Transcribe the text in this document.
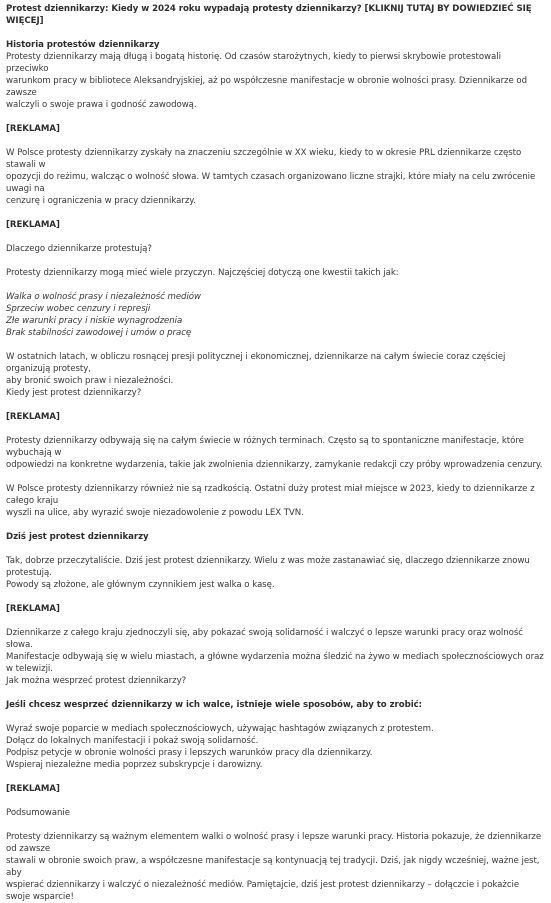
Protest dziennikarzy: Kiedy w 2024 roku wypadają protesty dziennikarzy? [KLIKNIJ TUTAJ BY DOWIEDZIEĆ SIĘ WIĘCEJ]

Historia protestów dziennikarzy

Protesty dziennikarzy mają długą i bogatą historię. Od czasów starożytnych, kiedy to pierwsi skrybowie protestowali przeciwko

warunkom pracy w bibliotece Aleksandryjskiej, aż po współczesne manifestacje w obronie wolności prasy. Dziennikarze od zawsze

walczyli o swoje prawa i godność zawodową.

[REKLAMA]

W Polsce protesty dziennikarzy zyskały na znaczeniu szczególnie w XX wieku, kiedy to w okresie PRL dziennikarze często stawali w

opozycji do reżimu, walcząc o wolność słowa. W tamtych czasach organizowano liczne strajki, które miały na celu zwrócenie uwagi na

cenzurę i ograniczenia w pracy dziennikarzy.

[REKLAMA]

Dlaczego dziennikarze protestują?

Protesty dziennikarzy mogą mieć wiele przyczyn. Najczęściej dotyczą one kwestii takich jak:

Walka o wolność prasy i niezależność mediów

Sprzeciw wobec cenzury i represji

Złe warunki pracy i niskie wynagrodzenia

Brak stabilności zawodowej i umów o pracę

W ostatnich latach, w obliczu rosnącej presji politycznej i ekonomicznej, dziennikarze na całym świecie coraz częściej organizują protesty,

aby bronić swoich praw i niezależności.

Kiedy jest protest dziennikarzy?

[REKLAMA]

Protesty dziennikarzy odbywają się na całym świecie w różnych terminach. Często są to spontaniczne manifestacje, które wybuchają w

odpowiedzi na konkretne wydarzenia, takie jak zwolnienia dziennikarzy, zamykanie redakcji czy próby wprowadzenia cenzury.

W Polsce protesty dziennikarzy również nie są rzadkością. Ostatni duży protest miał miejsce w 2023, kiedy to dziennikarze z całego kraju

wyszli na ulice, aby wyrazić swoje niezadowolenie z powodu LEX TVN.

Dziś jest protest dziennikarzy

Tak, dobrze przeczytaliście. Dziś jest protest dziennikarzy. Wielu z was może zastanawiać się, dlaczego dziennikarze znowu protestują.

Powody są złożone, ale głównym czynnikiem jest walka o kasę.

[REKLAMA]

Dziennikarze z całego kraju zjednoczyli się, aby pokazać swoją solidarność i walczyć o lepsze warunki pracy oraz wolność słowa.

Manifestacje odbywają się w wielu miastach, a główne wydarzenia można śledzić na żywo w mediach społecznościowych oraz w telewizji.

Jak można wesprzeć protest dziennikarzy?

Jeśli chcesz wesprzeć dziennikarzy w ich walce, istnieje wiele sposobów, aby to zrobić:

Wyraź swoje poparcie w mediach społecznościowych, używając hashtagów związanych z protestem.

Dołącz do lokalnych manifestacji i pokaż swoją solidarność.

Podpisz petycje w obronie wolności prasy i lepszych warunków pracy dla dziennikarzy.

Wspieraj niezależne media poprzez subskrypcje i darowizny.

[REKLAMA]

Podsumowanie

Protesty dziennikarzy są ważnym elementem walki o wolność prasy i lepsze warunki pracy. Historia pokazuje, że dziennikarze od zawsze

stawali w obronie swoich praw, a współczesne manifestacje są kontynuacją tej tradycji. Dziś, jak nigdy wcześniej, ważne jest, aby

wspierać dziennikarzy i walczyć o niezależność mediów. Pamiętajcie, dziś jest protest dziennikarzy – dołączcie i pokażcie swoje wsparcie!
